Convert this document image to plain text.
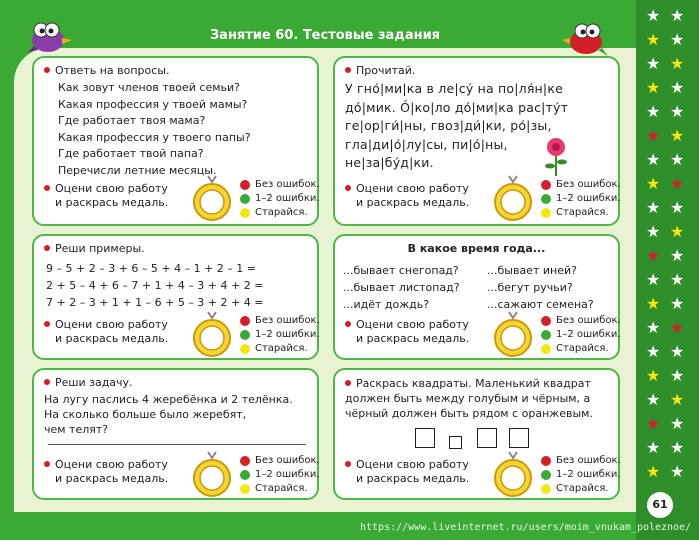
Занятие 60. Тестовые задания
★ ★
★ ★
★ ★
★ ★
★ ★
★ ★
★ ★
★ ★
★ ★
★ ★
★ ★
★ ★
★ ★
★ ★
★ ★
★ ★
★ ★
★ ★
★ ★
★ ★
61
https://www.liveinternet.ru/users/moim_vnukam_poleznoe/
Ответь на вопросы.
Как зовут членов твоей семьи?
Какая профессия у твоей мамы?
Где работает твоя мама?
Какая профессия у твоего папы?
Где работает твой папа?
Перечисли летние месяцы.
Оцени свою работу
и раскрась медаль.
Без ошибок.
1–2 ошибки.
Старайся.
Прочитай.
У гно́|ми|ка в ле|су́ на по|ля́н|ке
до́|мик. О́|ко|ло до́|ми|ка рас|ту́т
ге|ор|ги́|ны, гвоз|ди́|ки, ро́|зы,
гла|ди|о́|лу|сы, пи|о́|ны,
не|за|бу́д|ки.
Оцени свою работу
и раскрась медаль.
Без ошибок.
1–2 ошибки.
Старайся.
Реши примеры.
9 – 5 + 2 – 3 + 6 – 5 + 4 – 1 + 2 – 1 =
2 + 5 – 4 + 6 – 7 + 1 + 4 – 3 + 4 + 2 =
7 + 2 – 3 + 1 + 1 – 6 + 5 – 3 + 2 + 4 =
Оцени свою работу
и раскрась медаль.
Без ошибок.
1–2 ошибки.
Старайся.
В какое время года...
...бывает снегопад?	...бывает иней?
...бывает листопад?	...бегут ручьи?
...идёт дождь?	...сажают семена?
Оцени свою работу
и раскрась медаль.
Без ошибок.
1–2 ошибки.
Старайся.
Реши задачу.
На лугу паслись 4 жеребёнка и 2 телёнка.
На сколько больше было жеребят,
чем телят?
Оцени свою работу
и раскрась медаль.
Без ошибок.
1–2 ошибки.
Старайся.
Раскрась квадраты. Маленький квадрат
должен быть между голубым и чёрным, а
чёрный должен быть рядом с оранжевым.
Оцени свою работу
и раскрась медаль.
Без ошибок.
1–2 ошибки.
Старайся.
